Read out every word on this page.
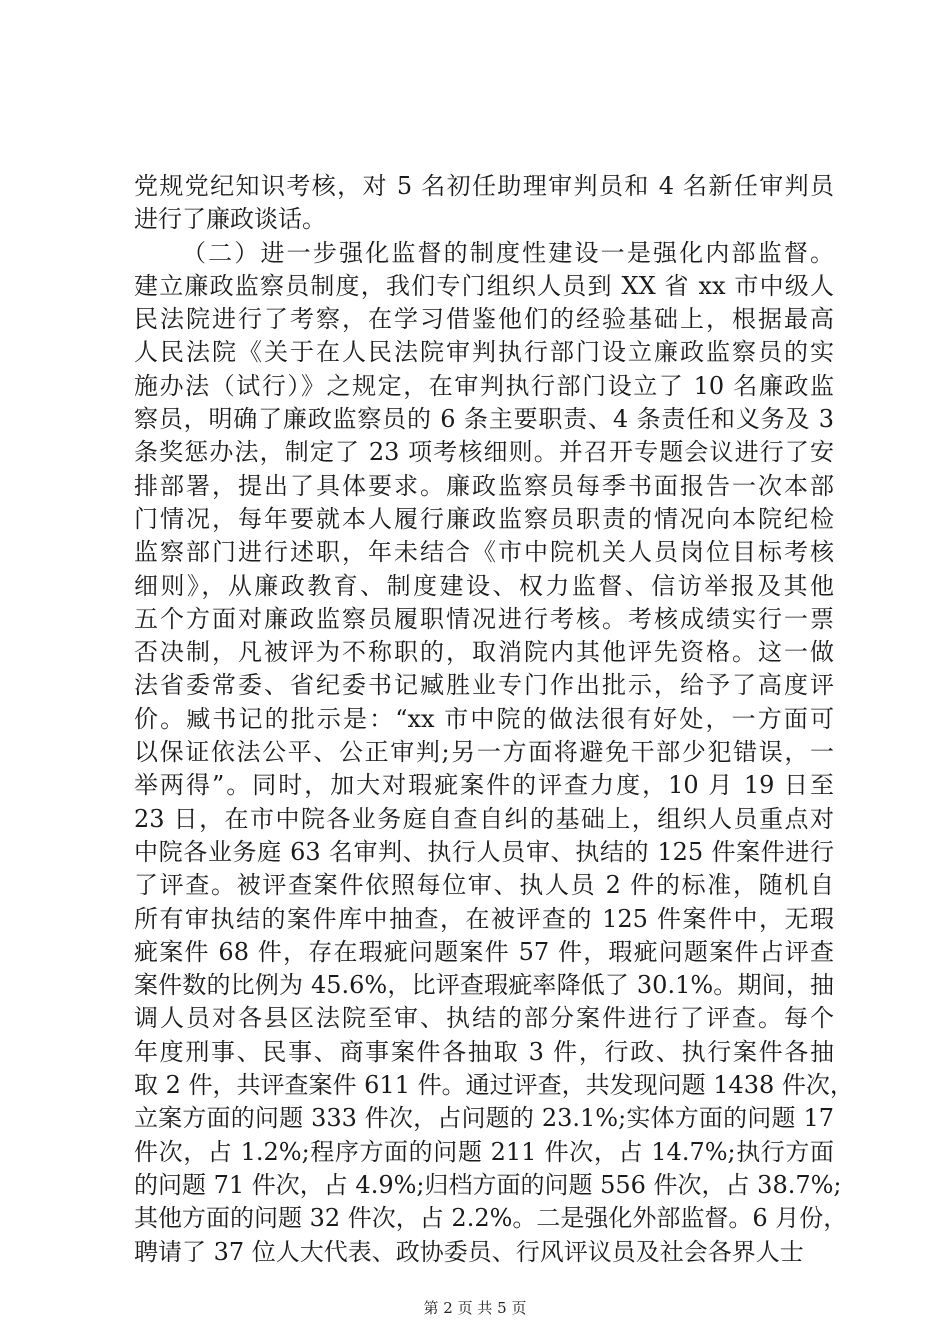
党规党纪知识考核，对 5 名初任助理审判员和 4 名新任审判员
进行了廉政谈话。
（二）进一步强化监督的制度性建设一是强化内部监督。
建立廉政监察员制度，我们专门组织人员到 XX 省 xx 市中级人
民法院进行了考察，在学习借鉴他们的经验基础上，根据最高
人民法院《关于在人民法院审判执行部门设立廉政监察员的实
施办法（试行）》之规定，在审判执行部门设立了 10 名廉政监
察员，明确了廉政监察员的 6 条主要职责、4 条责任和义务及 3
条奖惩办法，制定了 23 项考核细则。并召开专题会议进行了安
排部署，提出了具体要求。廉政监察员每季书面报告一次本部
门情况，每年要就本人履行廉政监察员职责的情况向本院纪检
监察部门进行述职，年未结合《市中院机关人员岗位目标考核
细则》，从廉政教育、制度建设、权力监督、信访举报及其他
五个方面对廉政监察员履职情况进行考核。考核成绩实行一票
否决制，凡被评为不称职的，取消院内其他评先资格。这一做
法省委常委、省纪委书记臧胜业专门作出批示，给予了高度评
价。臧书记的批示是：“xx 市中院的做法很有好处，一方面可
以保证依法公平、公正审判;另一方面将避免干部少犯错误，一
举两得”。同时，加大对瑕疵案件的评查力度，10 月 19 日至
23 日，在市中院各业务庭自查自纠的基础上，组织人员重点对
中院各业务庭 63 名审判、执行人员审、执结的 125 件案件进行
了评查。被评查案件依照每位审、执人员 2 件的标准，随机自
所有审执结的案件库中抽查，在被评查的 125 件案件中，无瑕
疵案件 68 件，存在瑕疵问题案件 57 件，瑕疵问题案件占评查
案件数的比例为 45.6%，比评查瑕疵率降低了 30.1%。期间，抽
调人员对各县区法院至审、执结的部分案件进行了评查。每个
年度刑事、民事、商事案件各抽取 3 件，行政、执行案件各抽
取 2 件，共评查案件 611 件。通过评查，共发现问题 1438 件次，
立案方面的问题 333 件次，占问题的 23.1%;实体方面的问题 17
件次，占 1.2%;程序方面的问题 211 件次，占 14.7%;执行方面
的问题 71 件次，占 4.9%;归档方面的问题 556 件次，占 38.7%;
其他方面的问题 32 件次，占 2.2%。二是强化外部监督。6 月份，
聘请了 37 位人大代表、政协委员、行风评议员及社会各界人士
第 2 页 共 5 页
